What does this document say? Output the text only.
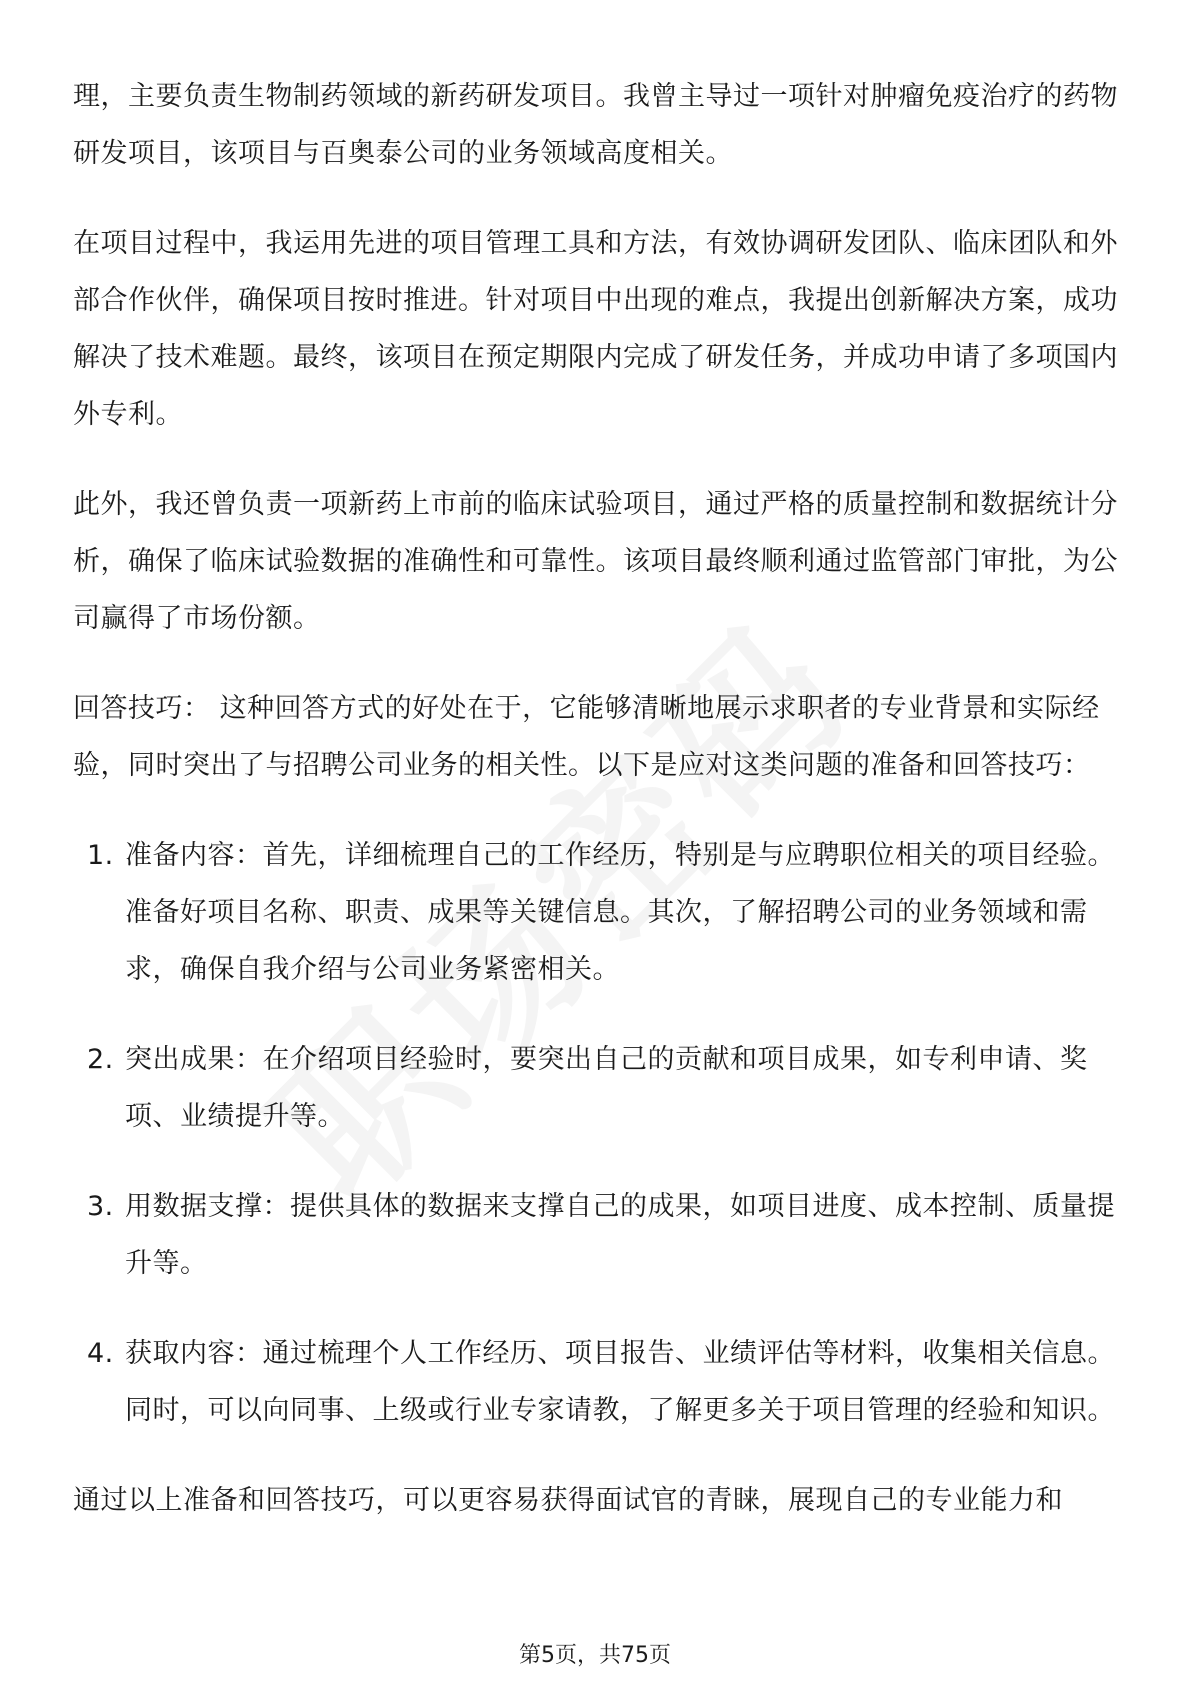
理，主要负责生物制药领域的新药研发项目。我曾主导过一项针对肿瘤免疫治疗的药物研发项目，该项目与百奥泰公司的业务领域高度相关。

在项目过程中，我运用先进的项目管理工具和方法，有效协调研发团队、临床团队和外部合作伙伴，确保项目按时推进。针对项目中出现的难点，我提出创新解决方案，成功解决了技术难题。最终，该项目在预定期限内完成了研发任务，并成功申请了多项国内外专利。

此外，我还曾负责一项新药上市前的临床试验项目，通过严格的质量控制和数据统计分析，确保了临床试验数据的准确性和可靠性。该项目最终顺利通过监管部门审批，为公司赢得了市场份额。

回答技巧： 这种回答方式的好处在于，它能够清晰地展示求职者的专业背景和实际经验，同时突出了与招聘公司业务的相关性。以下是应对这类问题的准备和回答技巧：

1. 准备内容：首先，详细梳理自己的工作经历，特别是与应聘职位相关的项目经验。准备好项目名称、职责、成果等关键信息。其次，了解招聘公司的业务领域和需求，确保自我介绍与公司业务紧密相关。
2. 突出成果：在介绍项目经验时，要突出自己的贡献和项目成果，如专利申请、奖项、业绩提升等。
3. 用数据支撑：提供具体的数据来支撑自己的成果，如项目进度、成本控制、质量提升等。
4. 获取内容：通过梳理个人工作经历、项目报告、业绩评估等材料，收集相关信息。同时，可以向同事、上级或行业专家请教，了解更多关于项目管理的经验和知识。

通过以上准备和回答技巧，可以更容易获得面试官的青睐，展现自己的专业能力和

第5页，共75页
